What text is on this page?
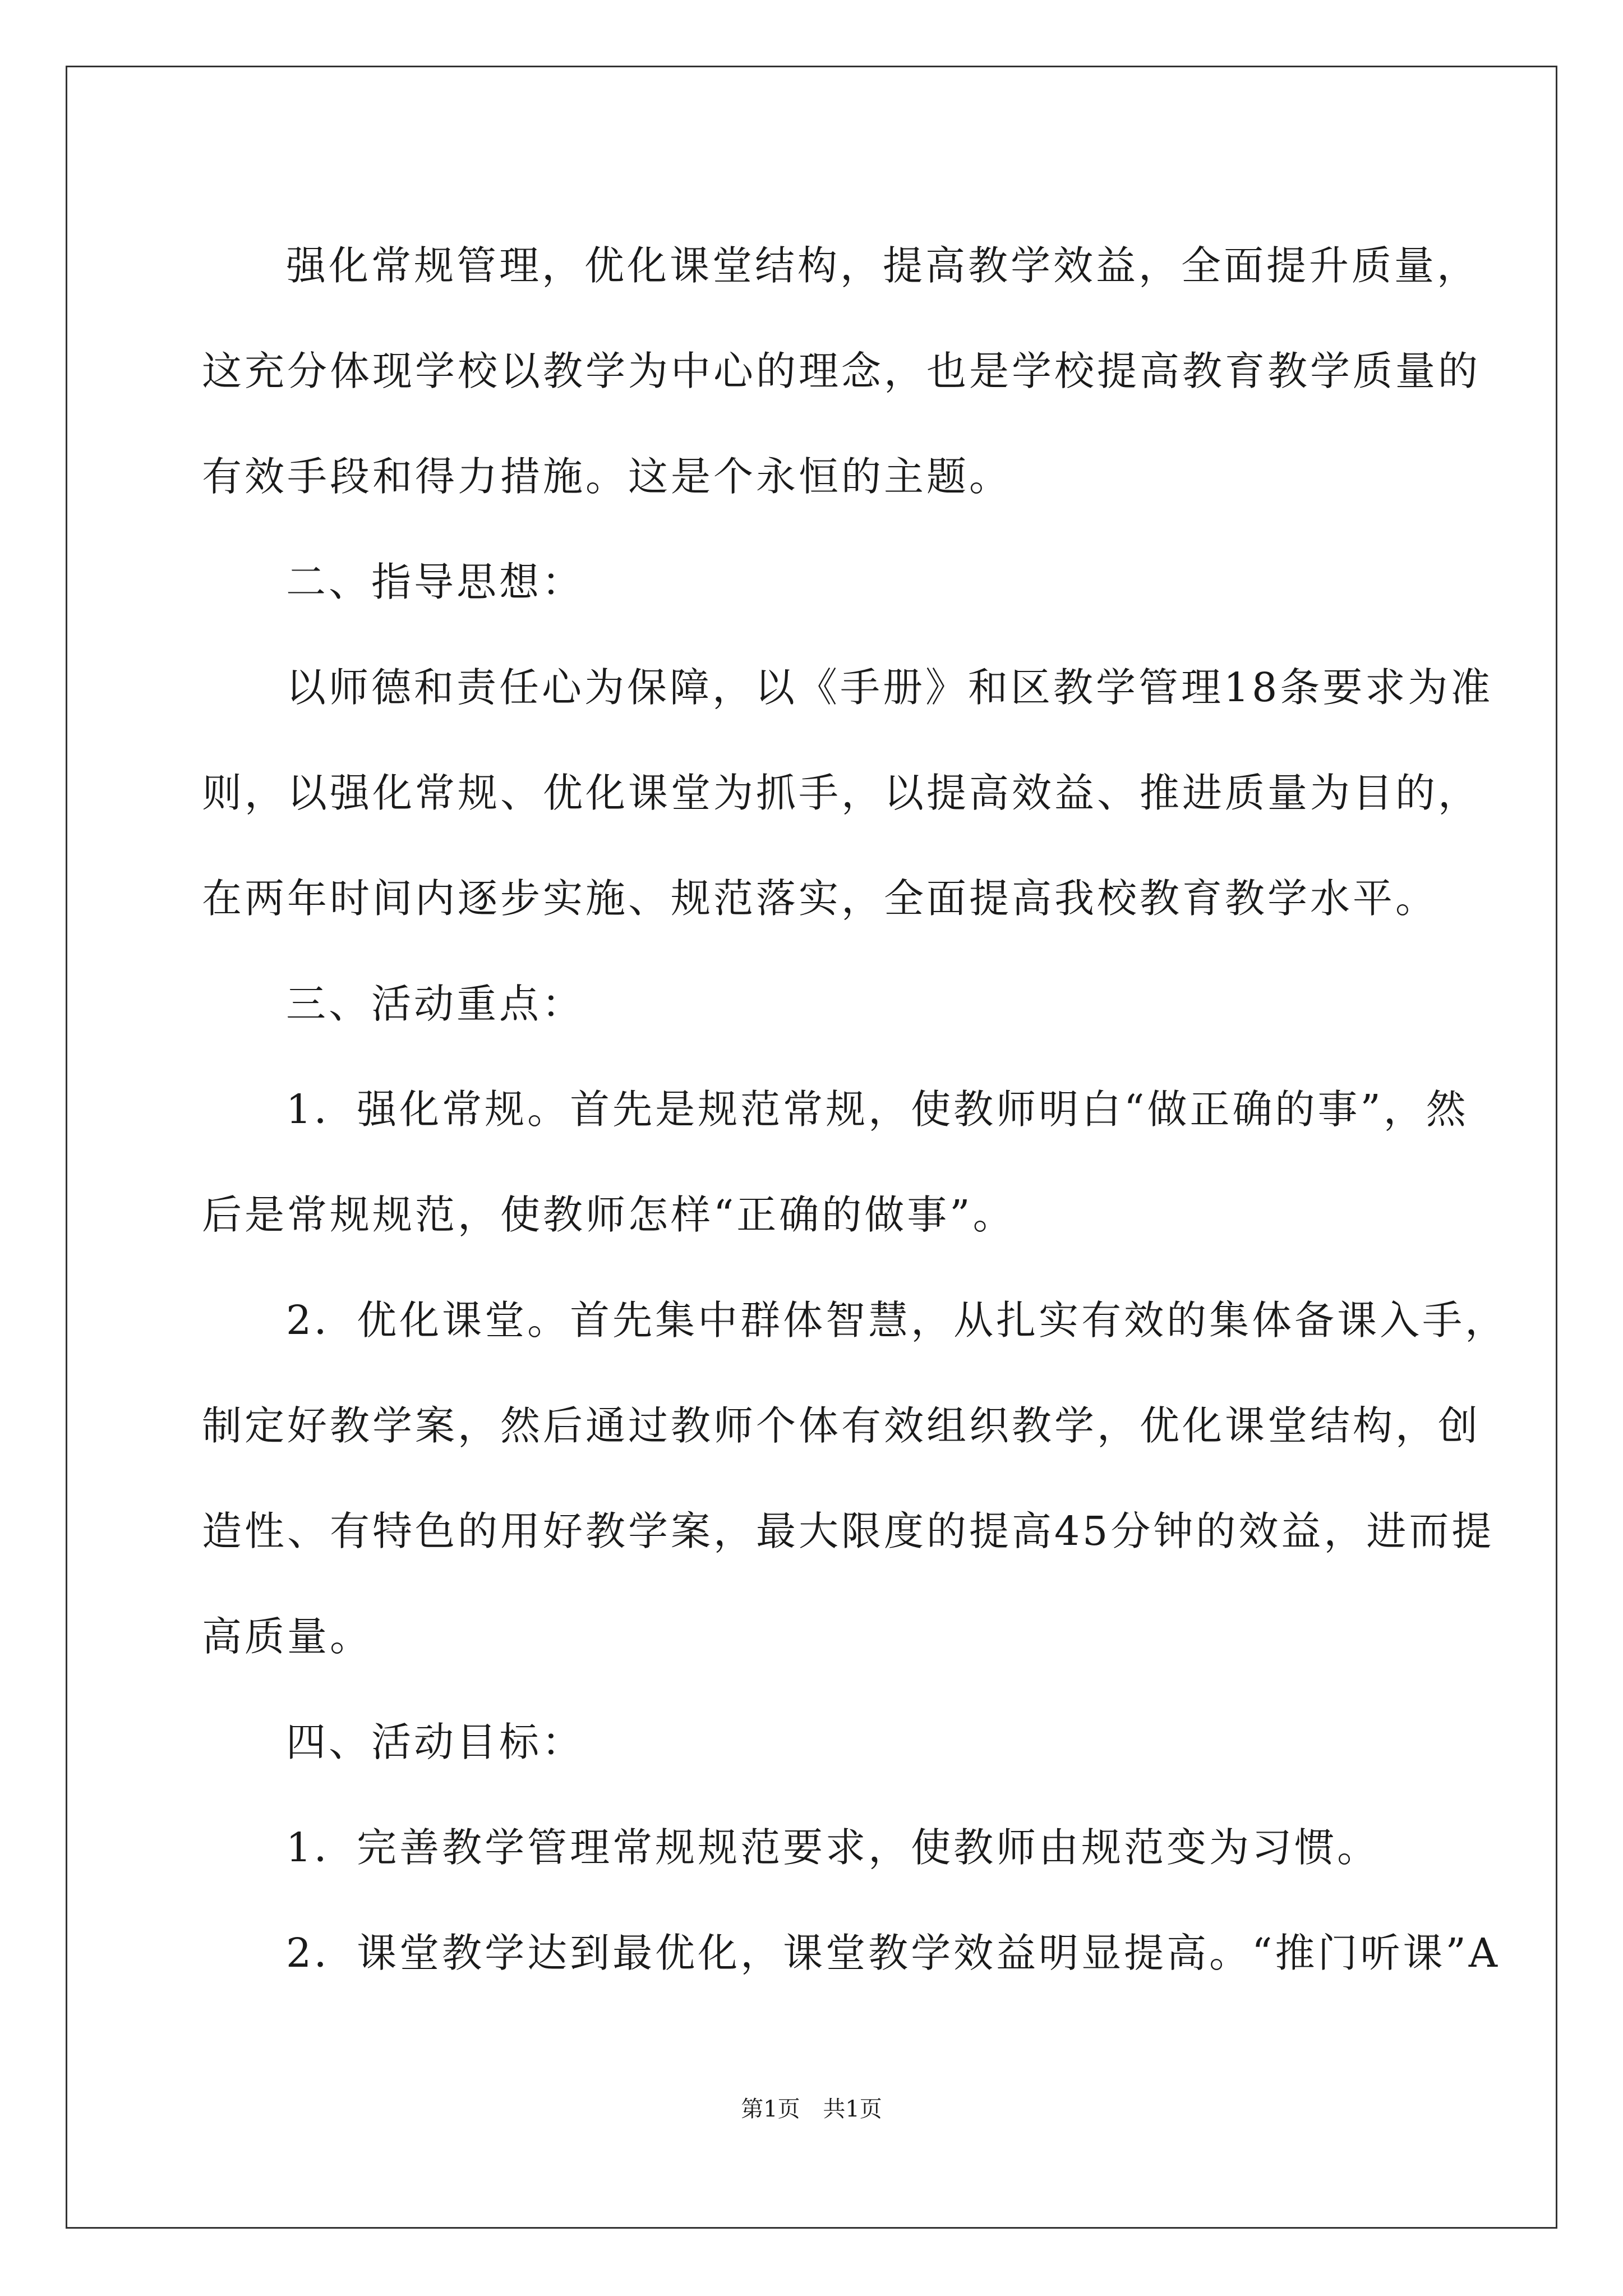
强化常规管理，优化课堂结构，提高教学效益，全面提升质量，

这充分体现学校以教学为中心的理念，也是学校提高教育教学质量的

有效手段和得力措施。这是个永恒的主题。

二、指导思想：

以师德和责任心为保障，以《手册》和区教学管理18条要求为准

则，以强化常规、优化课堂为抓手，以提高效益、推进质量为目的，

在两年时间内逐步实施、规范落实，全面提高我校教育教学水平。

三、活动重点：

1．强化常规。首先是规范常规，使教师明白“做正确的事”，然

后是常规规范，使教师怎样“正确的做事”。

2．优化课堂。首先集中群体智慧，从扎实有效的集体备课入手，

制定好教学案，然后通过教师个体有效组织教学，优化课堂结构，创

造性、有特色的用好教学案，最大限度的提高45分钟的效益，进而提

高质量。

四、活动目标：

1．完善教学管理常规规范要求，使教师由规范变为习惯。

2．课堂教学达到最优化，课堂教学效益明显提高。“推门听课”A

第1页 共1页
